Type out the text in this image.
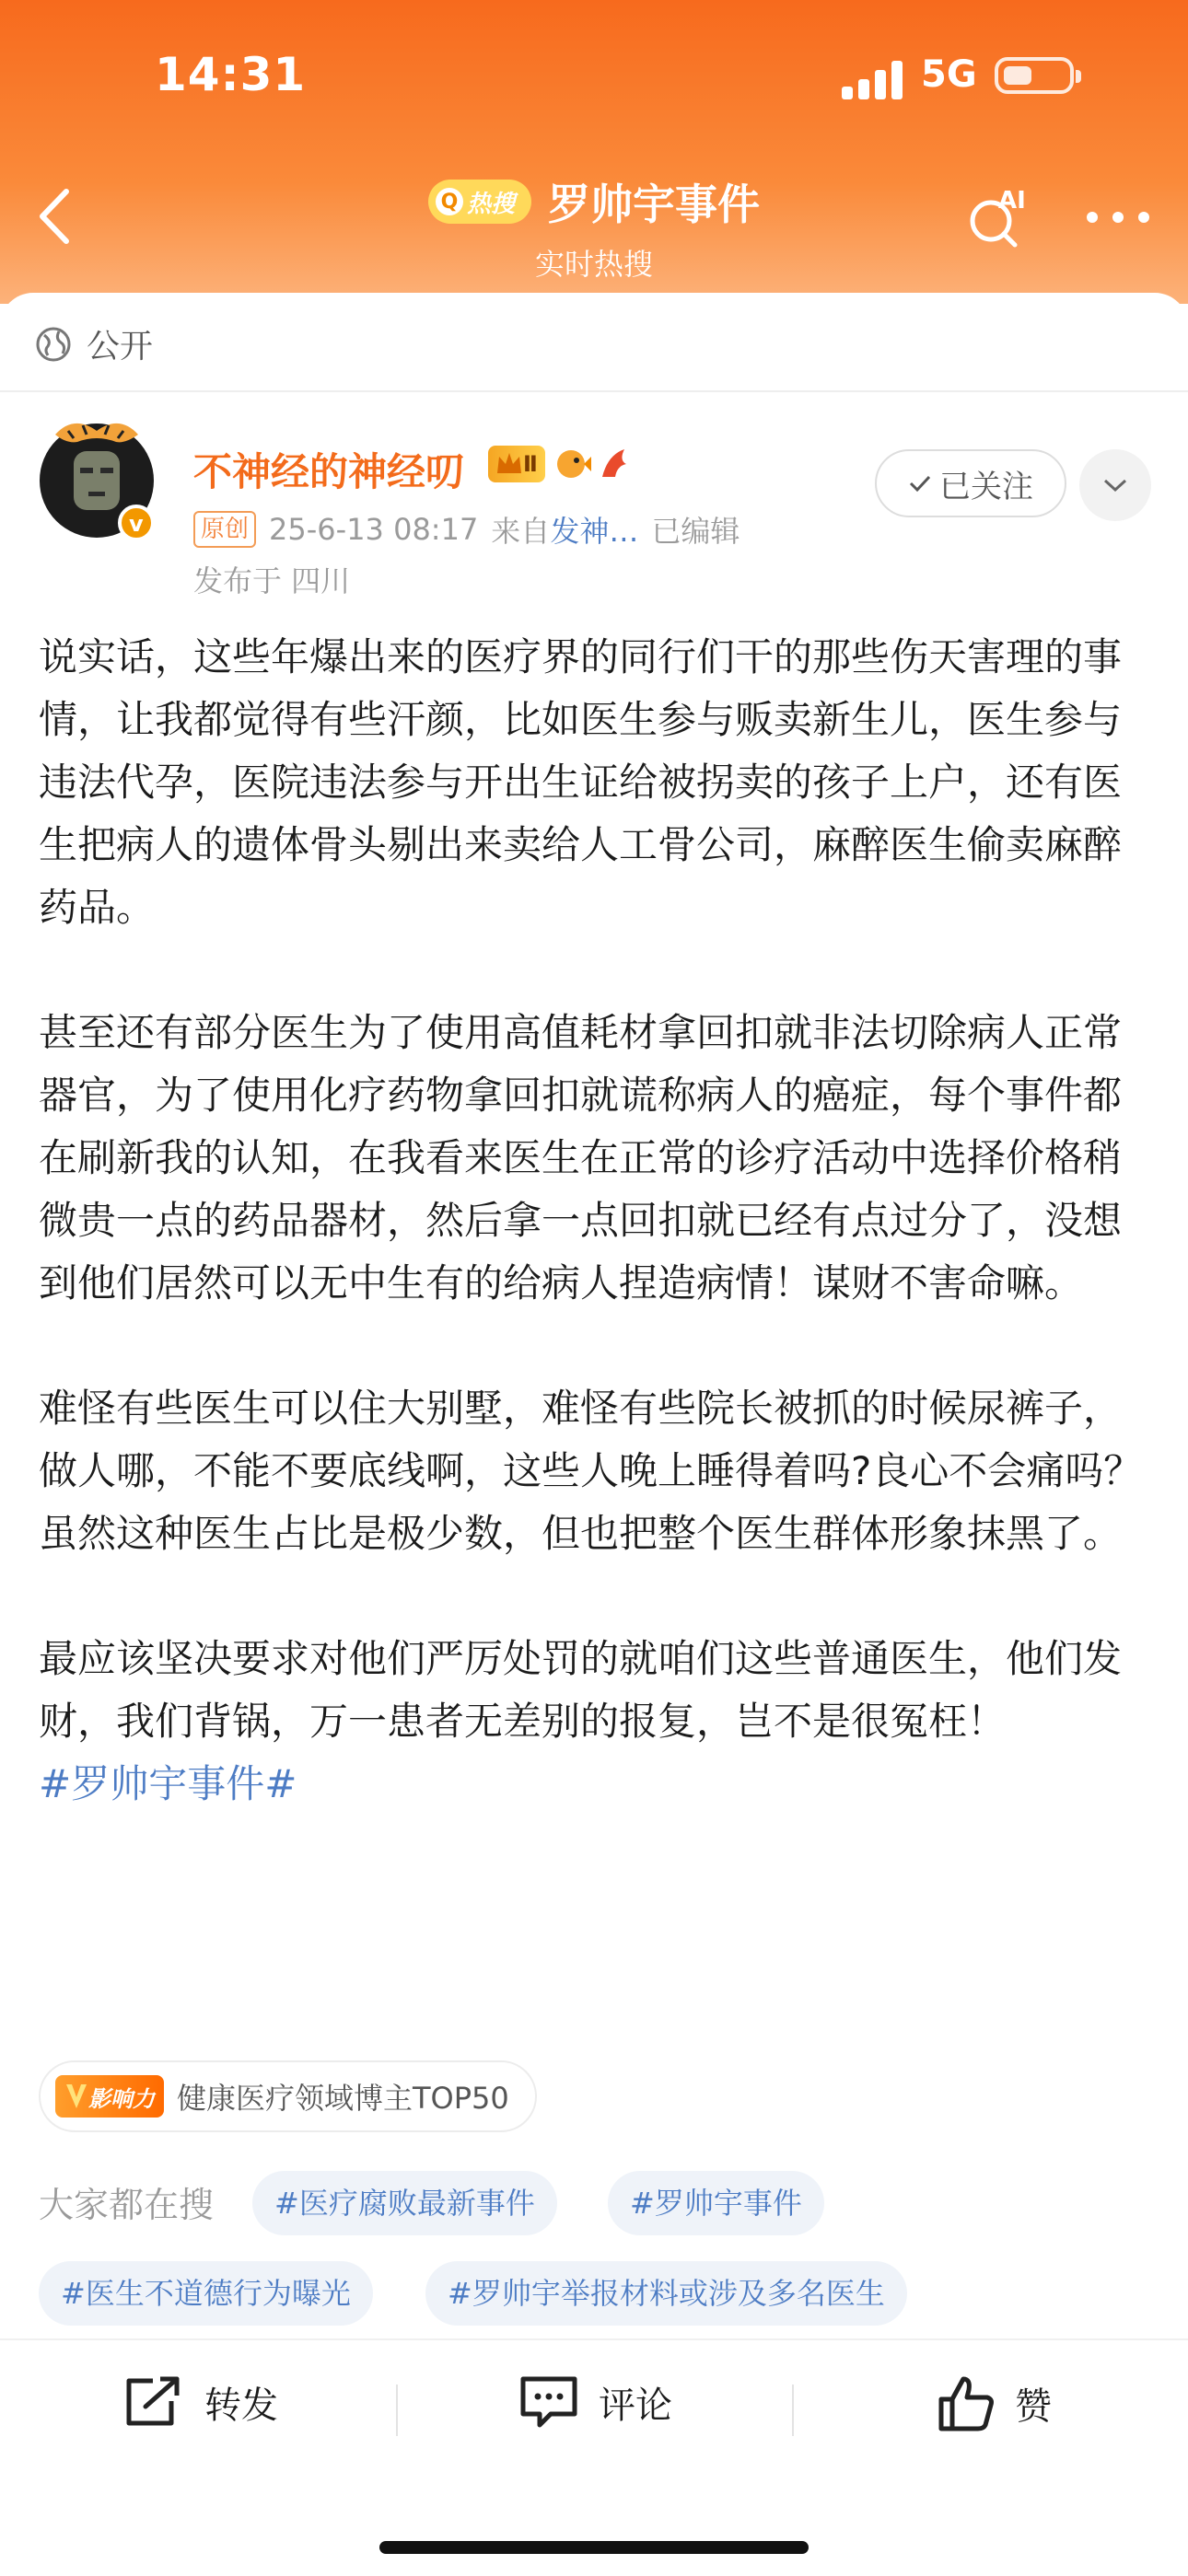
14:31	5G
Q 热搜 罗帅宇事件
实时热搜
AI
公开
v
不神经的神经叨	Ⅱ
原创 25-6-13 08:17 来自发神… 已编辑
发布于 四川
已关注

说实话，这些年爆出来的医疗界的同行们干的那些伤天害理的事情，让我都觉得有些汗颜，比如医生参与贩卖新生儿，医生参与违法代孕，医院违法参与开出生证给被拐卖的孩子上户，还有医生把病人的遗体骨头剔出来卖给人工骨公司，麻醉医生偷卖麻醉药品。

甚至还有部分医生为了使用高值耗材拿回扣就非法切除病人正常器官，为了使用化疗药物拿回扣就谎称病人的癌症，每个事件都在刷新我的认知，在我看来医生在正常的诊疗活动中选择价格稍微贵一点的药品器材，然后拿一点回扣就已经有点过分了，没想到他们居然可以无中生有的给病人捏造病情！谋财不害命嘛。

难怪有些医生可以住大别墅，难怪有些院长被抓的时候尿裤子，做人哪，不能不要底线啊，这些人晚上睡得着吗?良心不会痛吗？虽然这种医生占比是极少数，但也把整个医生群体形象抹黑了。

最应该坚决要求对他们严厉处罚的就咱们这些普通医生，他们发财，我们背锅，万一患者无差别的报复，岂不是很冤枉！

#罗帅宇事件#
影响力 健康医疗领域博主TOP50
大家都在搜	#医疗腐败最新事件	#罗帅宇事件
#医生不道德行为曝光	#罗帅宇举报材料或涉及多名医生
转发	评论	赞
